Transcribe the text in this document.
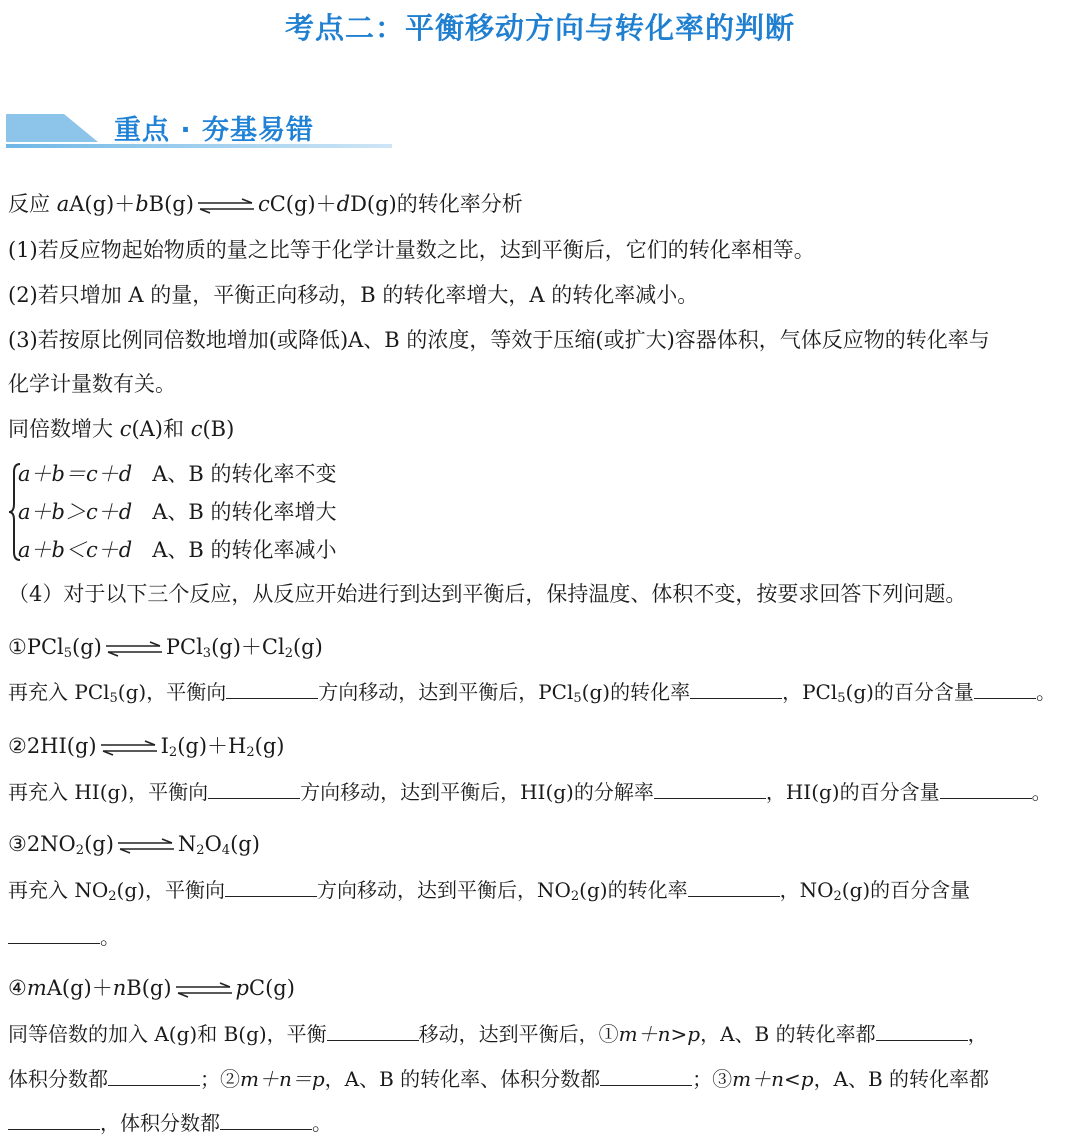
考点二：平衡移动方向与转化率的判断
重点 · 夯基易错
反应 aA(g)＋bB(g) ⇌ cC(g)＋dD(g)的转化率分析
(1)若反应物起始物质的量之比等于化学计量数之比，达到平衡后，它们的转化率相等。
(2)若只增加 A 的量，平衡正向移动，B 的转化率增大，A 的转化率减小。
(3)若按原比例同倍数地增加(或降低)A、B 的浓度，等效于压缩(或扩大)容器体积，气体反应物的转化率与
化学计量数有关。
同倍数增大 c(A)和 c(B)
a＋b＝c＋d A、B 的转化率不变
a＋b＞c＋d A、B 的转化率增大
a＋b＜c＋d A、B 的转化率减小
（4）对于以下三个反应，从反应开始进行到达到平衡后，保持温度、体积不变，按要求回答下列问题。
①PCl$_5$(g) ⇌ $PCl_3(g)+Cl_2(g)$
再充入 PCl$_5$(g)，平衡向	方向移动，达到平衡后，PCl$_5$(g)的转化率	，PCl$_5$(g)的百分含量	。
②2HI(g) ⇌ $I_2(g)+H_2(g)$
再充入 HI(g)，平衡向	方向移动，达到平衡后，HI(g)的分解率	，HI(g)的百分含量	。
$③2NO_2(g)$ ⇌ $N_2O_4(g)$
再充入 $NO_2(g)$，平衡向	方向移动，达到平衡后，$NO_2(g)$的转化率	，$NO_2(g)$的百分含量
。
④mA(g)＋nB(g) ⇌ pC(g)
同等倍数的加入 A(g)和 B(g)，平衡	移动，达到平衡后，①m＋n>p，A、B 的转化率都	，
体积分数都	；②m＋n＝p，A、B 的转化率、体积分数都	；③m＋n<p，A、B 的转化率都
，体积分数都	。
